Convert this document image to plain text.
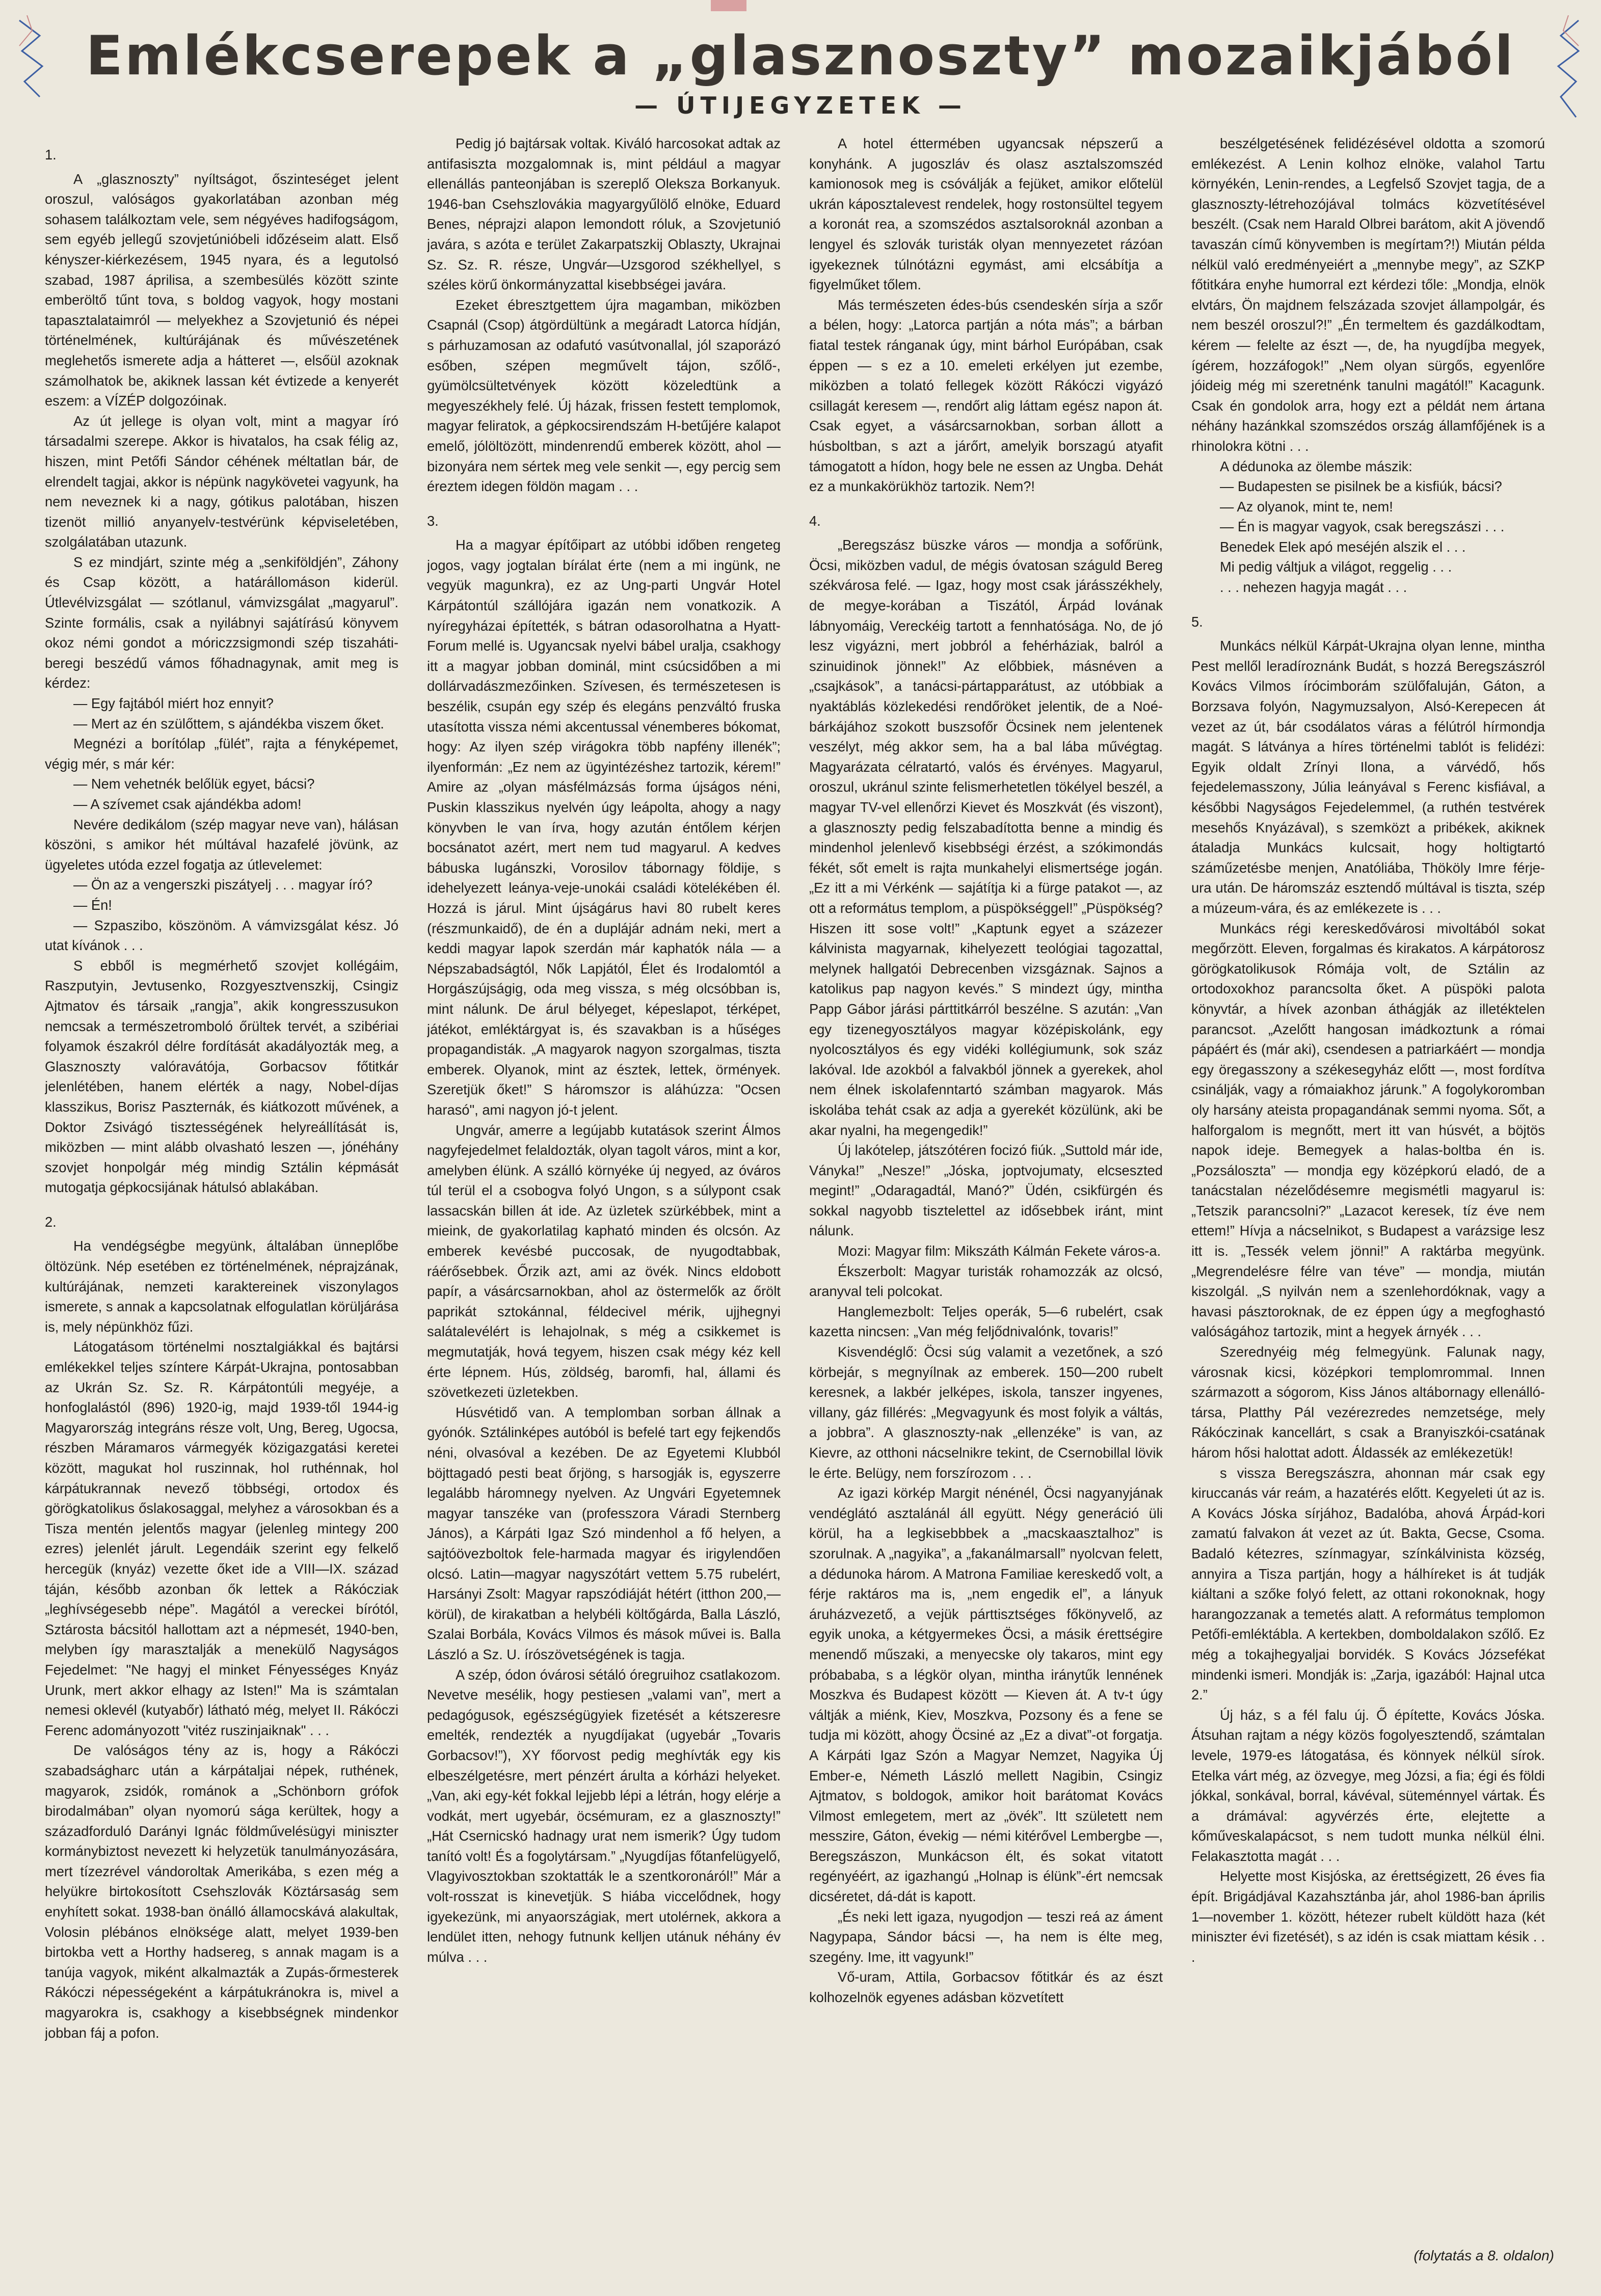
Emlékcserepek a „glasznoszty” mozaikjából
— ÚTIJEGYZETEK —

1.

A „glasznoszty” nyíltságot, őszinteséget jelent oroszul, valóságos gyakorlatában azonban még sohasem találkoztam vele, sem négyéves hadifogságom, sem egyéb jellegű szovjetúnióbeli időzéseim alatt. Első kényszer-kiérkezésem, 1945 nyara, és a legutolsó szabad, 1987 áprilisa, a szembesülés között szinte emberöltő tűnt tova, s boldog vagyok, hogy mostani tapasztalataimról — melyekhez a Szovjetunió és népei történelmének, kultúrájának és művészetének meglehetős ismerete adja a hátteret —, elsőül azoknak számolhatok be, akiknek lassan két évtizede a kenyerét eszem: a VÍZÉP dolgozóinak.

Az út jellege is olyan volt, mint a magyar író társadalmi szerepe. Akkor is hivatalos, ha csak félig az, hiszen, mint Petőfi Sándor céhének méltatlan bár, de elrendelt tagjai, akkor is népünk nagykövetei vagyunk, ha nem neveznek ki a nagy, gótikus palotában, hiszen tizenöt millió anyanyelv-testvérünk képviseletében, szolgálatában utazunk.

S ez mindjárt, szinte még a „senkiföldjén”, Záhony és Csap között, a határállomáson kiderül. Útlevélvizsgálat — szótlanul, vámvizsgálat „magyarul”. Szinte formális, csak a nyilábnyi sajátírású könyvem okoz némi gondot a móriczzsigmondi szép tiszaháti-beregi beszédű vámos főhadnagynak, amit meg is kérdez:

— Egy fajtából miért hoz ennyit?

— Mert az én szülőttem, s ajándékba viszem őket.

Megnézi a borítólap „fülét”, rajta a fényképemet, végig mér, s már kér:

— Nem vehetnék belőlük egyet, bácsi?

— A szívemet csak ajándékba adom!

Nevére dedikálom (szép magyar neve van), hálásan köszöni, s amikor hét múltával hazafelé jövünk, az ügyeletes utóda ezzel fogatja az útlevelemet:

— Ön az a vengerszki piszátyelj . . . magyar író?

— Én!

— Szpaszibo, köszönöm. A vámvizsgálat kész. Jó utat kívánok . . .

S ebből is megmérhető szovjet kollégáim, Raszputyin, Jevtusenko, Rozgyesztvenszkij, Csingiz Ajtmatov és társaik „rangja”, akik kongresszusukon nemcsak a természetromboló őrültek tervét, a szibériai folyamok északról délre fordítását akadályozták meg, a Glasznoszty valóravátója, Gorbacsov főtitkár jelenlétében, hanem elérték a nagy, Nobel-díjas klasszikus, Borisz Paszternák, és kiátkozott művének, a Doktor Zsivágó tisztességének helyreállítását is, miközben — mint alább olvasható leszen —, jónéhány szovjet honpolgár még mindig Sztálin képmását mutogatja gépkocsijának hátulsó ablakában.

2.

Ha vendégségbe megyünk, általában ünneplőbe öltözünk. Nép esetében ez történelmének, néprajzának, kultúrájának, nemzeti karaktereinek viszonylagos ismerete, s annak a kapcsolatnak elfogulatlan körüljárása is, mely népünkhöz fűzi.

Látogatásom történelmi nosztalgiákkal és bajtársi emlékekkel teljes színtere Kárpát-Ukrajna, pontosabban az Ukrán Sz. Sz. R. Kárpátontúli megyéje, a honfoglalástól (896) 1920-ig, majd 1939-től 1944-ig Magyarország integráns része volt, Ung, Bereg, Ugocsa, részben Máramaros vármegyék közigazgatási keretei között, magukat hol ruszinnak, hol ruthénnak, hol kárpátukrannak nevező többségi, ortodox és görögkatolikus őslakosaggal, melyhez a városokban és a Tisza mentén jelentős magyar (jelenleg mintegy 200 ezres) jelenlét járult. Legendáik szerint egy felkelő hercegük (knyáz) vezette őket ide a VIII—IX. század táján, később azonban ők lettek a Rákócziak „leghívségesebb népe”. Magától a vereckei bírótól, Sztárosta bácsitól hallottam azt a népmesét, 1940-ben, melyben így marasztalják a menekülő Nagyságos Fejedelmet: "Ne hagyj el minket Fényességes Knyáz Urunk, mert akkor elhagy az Isten!" Ma is számtalan nemesi oklevél (kutyabőr) látható még, melyet II. Rákóczi Ferenc adományozott "vitéz ruszinjaiknak" . . .

De valóságos tény az is, hogy a Rákóczi szabadságharc után a kárpátaljai népek, ruthének, magyarok, zsidók, románok a „Schönborn grófok birodalmában” olyan nyomorú sága kerültek, hogy a századforduló Darányi Ignác földművelésügyi miniszter kormánybiztost nevezett ki helyzetük tanulmányozására, mert tízezrével vándoroltak Amerikába, s ezen még a helyükre birtokosított Csehszlovák Köztársaság sem enyhített sokat. 1938-ban önálló államocskává alakultak, Volosin plébános elnöksége alatt, melyet 1939-ben birtokba vett a Horthy hadsereg, s annak magam is a tanúja vagyok, miként alkalmazták a Zupás-őrmesterek Rákóczi népességeként a kárpátukránokra is, mivel a magyarokra is, csakhogy a kisebbségnek mindenkor jobban fáj a pofon.

Pedig jó bajtársak voltak. Kiváló harcosokat adtak az antifasiszta mozgalomnak is, mint például a magyar ellenállás panteonjában is szereplő Olekszа Borkanyuk. 1946-ban Csehszlovákia magyargyűlölő elnöke, Eduard Benes, néprajzi alapon lemondott róluk, a Szovjetunió javára, s azóta e terület Zakarpatszkij Oblaszty, Ukrajnai Sz. Sz. R. része, Ungvár—Uzsgorod székhellyel, s széles körű önkormányzattal kisebbségei javára.

Ezeket ébresztgettem újra magamban, miközben Csapnál (Csop) átgördültünk a megáradt Latorca hídján, s párhuzamosan az odafutó vasútvonallal, jól szaporázó esőben, szépen megművelt tájon, szőlő-, gyümölcsültetvények között közeledtünk a megyeszékhely felé. Új házak, frissen festett templomok, magyar feliratok, a gépkocsirendszám H-betűjére kalapot emelő, jólöltözött, mindenrendű emberek között, ahol — bizonyára nem sértek meg vele senkit —, egy percig sem éreztem idegen földön magam . . .

3.

Ha a magyar építőipart az utóbbi időben rengeteg jogos, vagy jogtalan bírálat érte (nem a mi ingünk, ne vegyük magunkra), ez az Ung-parti Ungvár Hotel Kárpátontúl szállójára igazán nem vonatkozik. A nyíregyházai építették, s bátran odasorolhatna a Hyatt-Forum mellé is. Ugyancsak nyelvi bábel uralja, csakhogy itt a magyar jobban dominál, mint csúcsidőben a mi dollárvadászmezőinken. Szívesen, és természetesen is beszélik, csupán egy szép és elegáns penzváltó fruska utasította vissza némi akcentussal vénemberes bókomat, hogy: Az ilyen szép virágokra több napfény illenék”; ilyenformán: „Ez nem az ügyintézéshez tartozik, kérem!” Amire az „olyan másfélmázsás forma újságos néni, Puskin klasszikus nyelvén úgy leápolta, ahogy a nagy könyvben le van írva, hogy azután éntőlem kérjen bocsánatot azért, mert nem tud magyarul. A kedves bábuska lugánszki, Vorosilov tábornagy földije, s idehelyezett leánya-veje-unokái családi kötelékében él. Hozzá is járul. Mint újságárus havi 80 rubelt keres (részmunkaidő), de én a duplájár adnám neki, mert a keddi magyar lapok szerdán már kaphatók nála — a Népszabadságtól, Nők Lapjától, Élet és Irodalomtól a Horgászújságig, oda meg vissza, s még olcsóbban is, mint nálunk. De árul bélyeget, képeslapot, térképet, játékot, emléktárgyat is, és szavakban is a hűséges propagandisták. „A magyarok nagyon szorgalmas, tiszta emberek. Olyanok, mint az észtek, lettek, örmények. Szeretjük őket!” S háromszor is aláhúzza: "Ocsen harasó", ami nagyon jó-t jelent.

Ungvár, amerre a legújabb kutatások szerint Álmos nagyfejedelmet felaldozták, olyan tagolt város, mint a kor, amelyben élünk. A szálló környéke új negyed, az óváros túl terül el a csobogva folyó Ungon, s a súlypont csak lassacskán billen át ide. Az üzletek szürkébbek, mint a mieink, de gyakorlatilag kapható minden és olcsón. Az emberek kevésbé puccosak, de nyugodtabbak, ráérősebbek. Őrzik azt, ami az övék. Nincs eldobott papír, a vásárcsarnokban, ahol az östermelők az őrölt paprikát sztokánnal, féldecivel mérik, ujjhegnyi salátalevélért is lehajolnak, s még a csikkemet is megmutatják, hová tegyem, hiszen csak mégy kéz kell érte lépnem. Hús, zöldség, baromfi, hal, állami és szövetkezeti üzletekben.

Húsvétidő van. A templomban sorban állnak a gyónók. Sztálinképes autóból is befelé tart egy fejkendős néni, olvasóval a kezében. De az Egyetemi Klubból böjttagadó pesti beat őrjöng, s harsogják is, egyszerre legalább háromnegy nyelven. Az Ungvári Egyetemnek magyar tanszéke van (professzora Váradi Sternberg János), a Kárpáti Igaz Szó mindenhol a fő helyen, a sajtóövezboltok fele-harmada magyar és irigylendően olcsó. Latin—magyar nagyszótárt vettem 5.75 rubelért, Harsányi Zsolt: Magyar rapszódiáját hétért (itthon 200,— körül), de kirakatban a helybéli költőgárda, Balla László, Szalai Borbála, Kovács Vilmos és mások művei is. Balla László a Sz. U. írószövetségének is tagja.

A szép, ódon óvárosi sétáló óregruihoz csatlakozom. Nevetve mesélik, hogy pestiesen „valami van”, mert a pedagógusok, egészségügyiek fizetését a kétszeresre emelték, rendezték a nyugdíjakat (ugyebár „Tovaris Gorbacsov!”), XY főorvost pedig meghívták egy kis elbeszélgetésre, mert pénzért árulta a kórházi helyeket. „Van, aki egy-két fokkal lejjebb lépi a létrán, hogy elérje a vodkát, mert ugyebár, öcsémuram, ez a glasznoszty!” „Hát Csernicskó hadnagy urat nem ismerik? Úgy tudom tanító volt! És a fogolytársam.” „Nyugdíjas főtanfelügyelő, Vlagyivosztokban szoktatták le a szentkoronáról!” Már a volt-rosszat is kinevetjük. S hiába viccelődnek, hogy igyekezünk, mi anyaországiak, mert utolérnek, akkora a lendület itten, nehogy futnunk kelljen utánuk néhány év múlva . . .

A hotel éttermében ugyancsak népszerű a konyhánk. A jugoszláv és olasz asztalszomszéd kamionosok meg is csóválják a fejüket, amikor előtelül ukrán káposztalevest rendelek, hogy rostonsültel tegyem a koronát rea, a szomszédos asztalsoroknál azonban a lengyel és szlovák turisták olyan mennyezetet rázóan igyekeznek túlnótázni egymást, ami elcsábítja a figyelműket tőlem.

Más természeten édes-bús csendeskén sírja a szőr a bélen, hogy: „Latorca partján a nóta más”; a bárban fiatal testek ránganak úgy, mint bárhol Európában, csak éppen — s ez a 10. emeleti erkélyen jut ezembe, miközben a tolató fellegek között Rákóczi vigyázó csillagát keresem —, rendőrt alig láttam egész napon át. Csak egyet, a vásárcsarnokban, sorban állott a húsboltban, s azt a járőrt, amelyik borszagú atyafit támogatott a hídon, hogy bele ne essen az Ungba. Dehát ez a munkakörükhöz tartozik. Nem?!

4.

„Beregszász büszke város — mondja a sofőrünk, Öcsi, miközben vadul, de mégis óvatosan száguld Bereg székvárosa felé. — Igaz, hogy most csak járásszékhely, de megye-korában a Tiszától, Árpád lovának lábnyomáig, Vereckéig tartott a fennhatósága. No, de jó lesz vigyázni, mert jobbról a fehérháziak, balról a szinuidinok jönnek!” Az előbbiek, másnéven a „csajkások”, a tanácsi-pártapparátust, az utóbbiak a nyaktáblás közlekedési rendőröket jelentik, de a Noé-bárkájához szokott buszsofőr Öcsinek nem jelentenek veszélyt, még akkor sem, ha a bal lába művégtag. Magyarázata célratartó, valós és érvényes. Magyarul, oroszul, ukránul szinte felismerhetetlen tökélyel beszél, a magyar TV-vel ellenőrzi Kievet és Moszkvát (és viszont), a glasznoszty pedig felszabadította benne a mindig és mindenhol jelenlevő kisebbségi érzést, a szókimondás fékét, sőt emelt is rajta munkahelyi elismertsége jogán. „Ez itt a mi Vérkénk — sajátítja ki a fürge patakot —, az ott a református templom, a püspökséggel!” „Püspökség? Hiszen itt sose volt!” „Kaptunk egyet a százezer kálvinista magyarnak, kihelyezett teológiai tagozattal, melynek hallgatói Debrecenben vizsgáznak. Sajnos a katolikus pap nagyon kevés.” S mindezt úgy, mintha Papp Gábor járási párttitkárról beszélne. S azután: „Van egy tizenegyosztályos magyar középiskolánk, egy nyolcosztályos és egy vidéki kollégiumunk, sok száz lakóval. Ide azokból a falvakból jönnek a gyerekek, ahol nem élnek iskolafenntartó számban magyarok. Más iskolába tehát csak az adja a gyerekét közülünk, aki be akar nyalni, ha megengedik!”

Új lakótelep, játszótéren focizó fiúk. „Suttold már ide, Ványka!” „Nesze!” „Jóska, joptvojumaty, elcseszted megint!” „Odaragadtál, Manó?” Üdén, csikfürgén és sokkal nagyobb tisztelettel az idősebbek iránt, mint nálunk.

Mozi: Magyar film: Mikszáth Kálmán Fekete város-a.

Ékszerbolt: Magyar turisták rohamozzák az olcsó, aranyval teli polcokat.

Hanglemezbolt: Teljes operák, 5—6 rubelért, csak kazetta nincsen: „Van még feljődnivalónk, tovaris!”

Kisvendéglő: Öcsi súg valamit a vezetőnek, a szó körbejár, s megnyílnak az emberek. 150—200 rubelt keresnek, a lakbér jelképes, iskola, tanszer ingyenes, villany, gáz fillérés: „Megvagyunk és most folyik a váltás, a jobbra”. A glasznoszty-nak „ellenzéke” is van, az Kievre, az otthoni nácselnikre tekint, de Csernobillal lövik le érte. Belügy, nem forszírozom . . .

Az igazi körkép Margit nénénél, Öcsi nagyanyjának vendéglátó asztalánál áll együtt. Négy generáció üli körül, ha a legkisebbbek a „macskaasztalhoz” is szorulnak. A „nagyika”, a „fakanálmarsall” nyolcvan felett, a dédunoka három. A Matrona Familiae kereskedő volt, a férje raktáros ma is, „nem engedik el”, a lányuk áruházvezető, a vejük párttisztséges főkönyvelő, az egyik unoka, a kétgyermekes Öcsi, a másik érettségire menendő műszaki, a menyecske oly takaros, mint egy próbababa, s a légkör olyan, mintha iránytűk lennének Moszkva és Budapest között — Kieven át. A tv-t úgy váltják a miénk, Kiev, Moszkva, Pozsony és a fene se tudja mi között, ahogy Öcsiné az „Ez a divat”-ot forgatja. A Kárpáti Igaz Szón a Magyar Nemzet, Nagyika Új Ember-e, Németh László mellett Nagibin, Csingiz Ajtmatov, s boldogok, amikor hoit barátomat Kovács Vilmost emlegetem, mert az „övék”. Itt született nem messzire, Gáton, évekig — némi kitérővel Lembergbe —, Beregszászon, Munkácson élt, és sokat vitatott regényéért, az igazhangú „Holnap is élünk”-ért nemcsak dicséretet, dá-dát is kapott.

„És neki lett igaza, nyugodjon — teszi reá az áment Nagypapa, Sándor bácsi —, ha nem is élte meg, szegény. Ime, itt vagyunk!”

Vő-uram, Attila, Gorbacsov főtitkár és az észt kolhozelnök egyenes adásban közvetített

beszélgetésének felidézésével oldotta a szomorú emlékezést. A Lenin kolhoz elnöke, valahol Tartu környékén, Lenin-rendes, a Legfelső Szovjet tagja, de a glasznoszty-létrehozójával tolmács közvetítésével beszélt. (Csak nem Harald Olbrei barátom, akit A jövendő tavaszán című könyvemben is megírtam?!) Miután példa nélkül való eredményeiért a „mennybe megy”, az SZKP főtitkára enyhe humorral ezt kérdezi tőle: „Mondja, elnök elvtárs, Ön majdnem felszázada szovjet állampolgár, és nem beszél oroszul?!” „Én termeltem és gazdálkodtam, kérem — felelte az észt —, de, ha nyugdíjba megyek, ígérem, hozzáfogok!” „Nem olyan sürgős, egyenlőre jóideig még mi szeretnénk tanulni magától!” Kacagunk. Csak én gondolok arra, hogy ezt a példát nem ártana néhány hazánkkal szomszédos ország államfőjének is a rhinolokra kötni . . .

A dédunoka az ölembe mászik:

— Budapesten se pisilnek be a kisfiúk, bácsi?

— Az olyanok, mint te, nem!

— Én is magyar vagyok, csak beregszászi . . .

Benedek Elek apó meséjén alszik el . . .

Mi pedig váltjuk a világot, reggelig . . .

. . . nehezen hagyja magát . . .

5.

Munkács nélkül Kárpát-Ukrajna olyan lenne, mintha Pest mellől leradíroznánk Budát, s hozzá Beregszászról Kovács Vilmos írócimborám szülőfaluján, Gáton, a Borzsava folyón, Nagymuzsalyon, Alsó-Kerepecen át vezet az út, bár csodálatos váras a félútról hírmondja magát. S látványa a híres történelmi tablót is felidézi: Egyik oldalt Zrínyi Ilona, a várvédő, hős fejedelemasszony, Júlia leányával s Ferenc kisfiával, a későbbi Nagyságos Fejedelemmel, (a ruthén testvérek mesehős Knyázával), s szemközt a pribékek, akiknek átaladja Munkács kulcsait, hogy holtigtartó száműzetésbe menjen, Anatóliába, Thököly Imre férje-ura után. De háromszáz esztendő múltával is tiszta, szép a múzeum-vára, és az emlékezete is . . .

Munkács régi kereskedővárosi mivoltából sokat megőrzött. Eleven, forgalmas és kirakatos. A kárpátorosz görögkatolikusok Rómája volt, de Sztálin az ortodoxokhoz parancsolta őket. A püspöki palota könyvtár, a hívek azonban áthágják az illetéktelen parancsot. „Azelőtt hangosan imádkoztunk a római pápáért és (már aki), csendesen a patriarkáért — mondja egy öregasszony a székesegyház előtt —, most fordítva csinálják, vagy a rómaiakhoz járunk.” A fogolykoromban oly harsány ateista propagandának semmi nyoma. Sőt, a halforgalom is megnőtt, mert itt van húsvét, a böjtös napok ideje. Bemegyek a halas-boltba én is. „Pozsáloszta” — mondja egy középkorú eladó, de a tanácstalan nézelődésemre megismétli magyarul is: „Tetszik parancsolni?” „Lazacot keresek, tíz éve nem ettem!” Hívja a nácselnikot, s Budapest a varázsige lesz itt is. „Tessék velem jönni!” A raktárba megyünk. „Megrendelésre félre van téve” — mondja, miután kiszolgál. „S nyilván nem a szenlehordóknak, vagy a havasi pásztoroknak, de ez éppen úgy a megfoghastó valóságához tartozik, mint a hegyek árnyék . . .

Szerednyéig még felmegyünk. Falunak nagy, városnak kicsi, középkori templomrommal. Innen származott a sógorom, Kiss János altábornagy ellenálló-társa, Platthy Pál vezérezredes nemzetsége, mely Rákóczinak kancellárt, s csak a Branyiszkói-csatának három hősi halottat adott. Áldassék az emlékezetük!

s vissza Beregszászra, ahonnan már csak egy kiruccanás vár reám, a hazatérés előtt. Kegyeleti út az is. A Kovács Jóska sírjához, Badalóba, ahová Árpád-kori zamatú falvakon át vezet az út. Bakta, Gecse, Csoma. Badaló kétezres, színmagyar, színkálvinista község, annyira a Tisza partján, hogy a hálhíreket is át tudják kiáltani a szőke folyó felett, az ottani rokonoknak, hogy harangozzanak a temetés alatt. A református templomon Petőfi-emléktábla. A kertekben, domboldalakon szőlő. Ez még a tokajhegyaljai borvidék. S Kovács Józsefékat mindenki ismeri. Mondják is: „Zarja, igazából: Hajnal utca 2.”

Új ház, s a fél falu új. Ő építette, Kovács Jóska. Átsuhan rajtam a négy közös fogolyesztendő, számtalan levele, 1979-es látogatása, és könnyek nélkül sírok. Etelka várt még, az özvegye, meg Józsi, a fia; égi és földi jókkal, sonkával, borral, kávéval, süteménnyel vártak. És a drámával: agyvérzés érte, elejtette a kőműveskalapácsot, s nem tudott munka nélkül élni. Felakasztotta magát . . .

Helyette most Kisjóska, az érettségizett, 26 éves fia épít. Brigádjával Kazahsztánba jár, ahol 1986-ban április 1—november 1. között, hétezer rubelt küldött haza (két miniszter évi fizetését), s az idén is csak miattam késik . . .

(folytatás a 8. oldalon)
